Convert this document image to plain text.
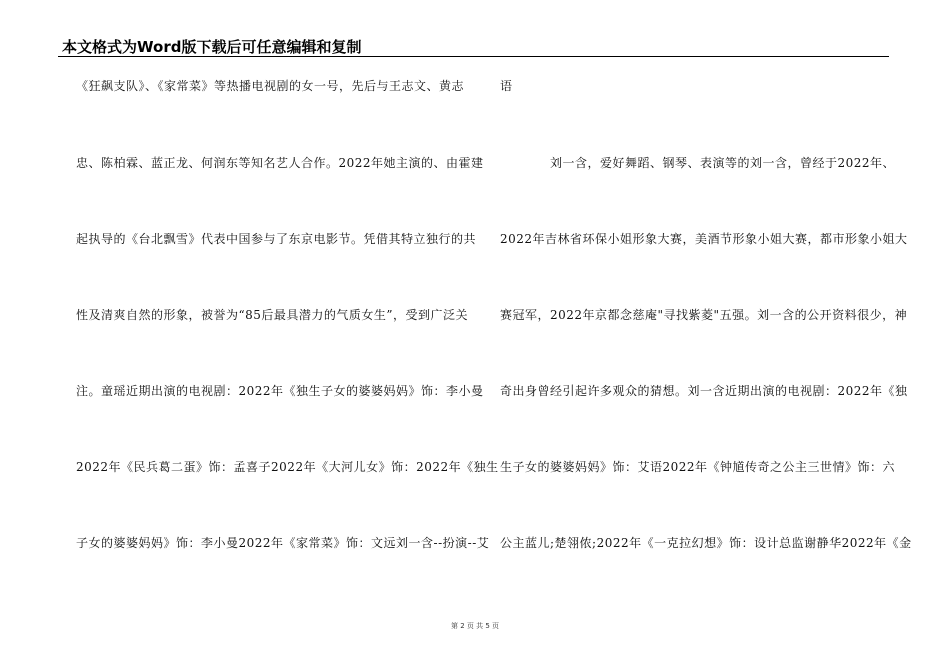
本文格式为Word版下载后可任意编辑和复制
《狂飙支队》、《家常菜》等热播电视剧的女一号，先后与王志文、黄志
忠、陈柏霖、蓝正龙、何润东等知名艺人合作。2022年她主演的、由霍建
起执导的《台北飘雪》代表中国参与了东京电影节。凭借其特立独行的共
性及清爽自然的形象，被誉为“85后最具潜力的气质女生”，受到广泛关
注。童瑶近期出演的电视剧：2022年《独生子女的婆婆妈妈》饰：李小曼
2022年《民兵葛二蛋》饰：孟喜子2022年《大河儿女》饰：2022年《独生
子女的婆婆妈妈》饰：李小曼2022年《家常菜》饰：文远刘一含--扮演--艾
语
刘一含，爱好舞蹈、钢琴、表演等的刘一含，曾经于2022年、
2022年吉林省环保小姐形象大赛，美酒节形象小姐大赛，都市形象小姐大
赛冠军，2022年京都念慈庵"寻找紫菱"五强。刘一含的公开资料很少，神
奇出身曾经引起许多观众的猜想。刘一含近期出演的电视剧：2022年《独
生子女的婆婆妈妈》饰：艾语2022年《钟馗传奇之公主三世情》饰：六
公主蓝儿;楚翎侬;2022年《一克拉幻想》饰：设计总监谢静华2022年《金
第 2 页 共 5 页
